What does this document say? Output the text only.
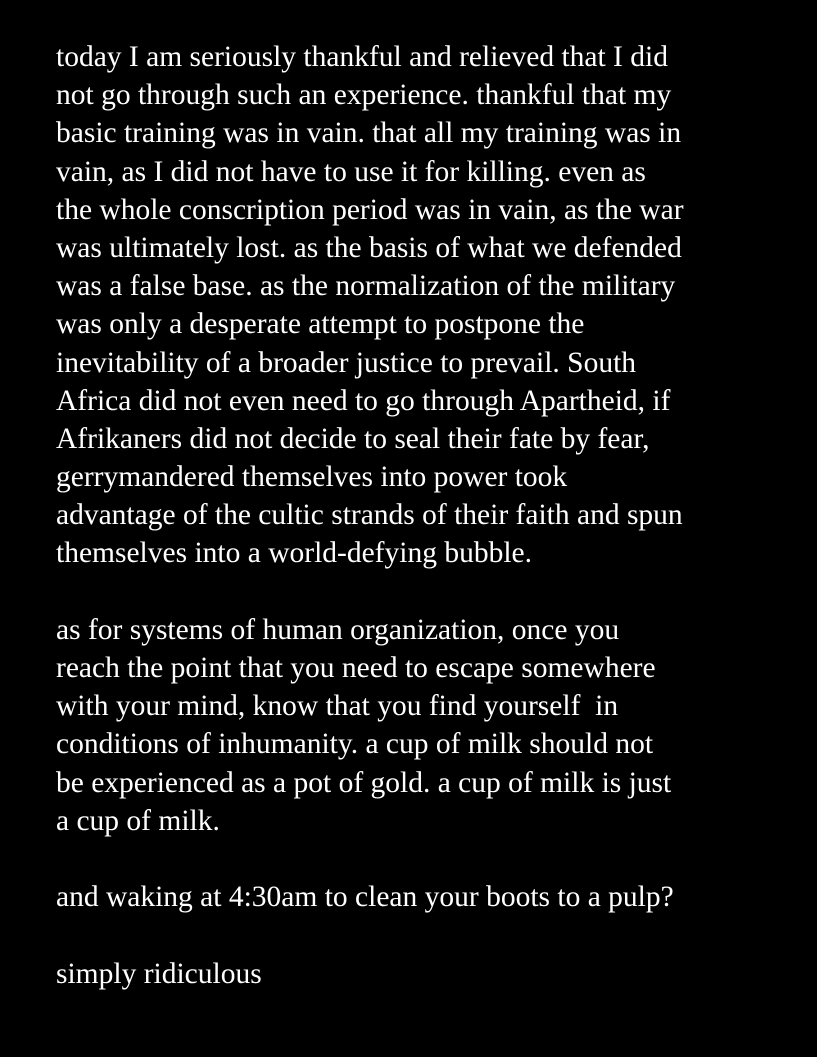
today I am seriously thankful and relieved that I did
not go through such an experience. thankful that my
basic training was in vain. that all my training was in
vain, as I did not have to use it for killing. even as
the whole conscription period was in vain, as the war
was ultimately lost. as the basis of what we defended
was a false base. as the normalization of the military
was only a desperate attempt to postpone the
inevitability of a broader justice to prevail. South
Africa did not even need to go through Apartheid, if
Afrikaners did not decide to seal their fate by fear,
gerrymandered themselves into power took
advantage of the cultic strands of their faith and spun
themselves into a world-defying bubble.
as for systems of human organization, once you
reach the point that you need to escape somewhere
with your mind, know that you find yourself  in
conditions of inhumanity. a cup of milk should not
be experienced as a pot of gold. a cup of milk is just
a cup of milk.
and waking at 4:30am to clean your boots to a pulp?
simply ridiculous
